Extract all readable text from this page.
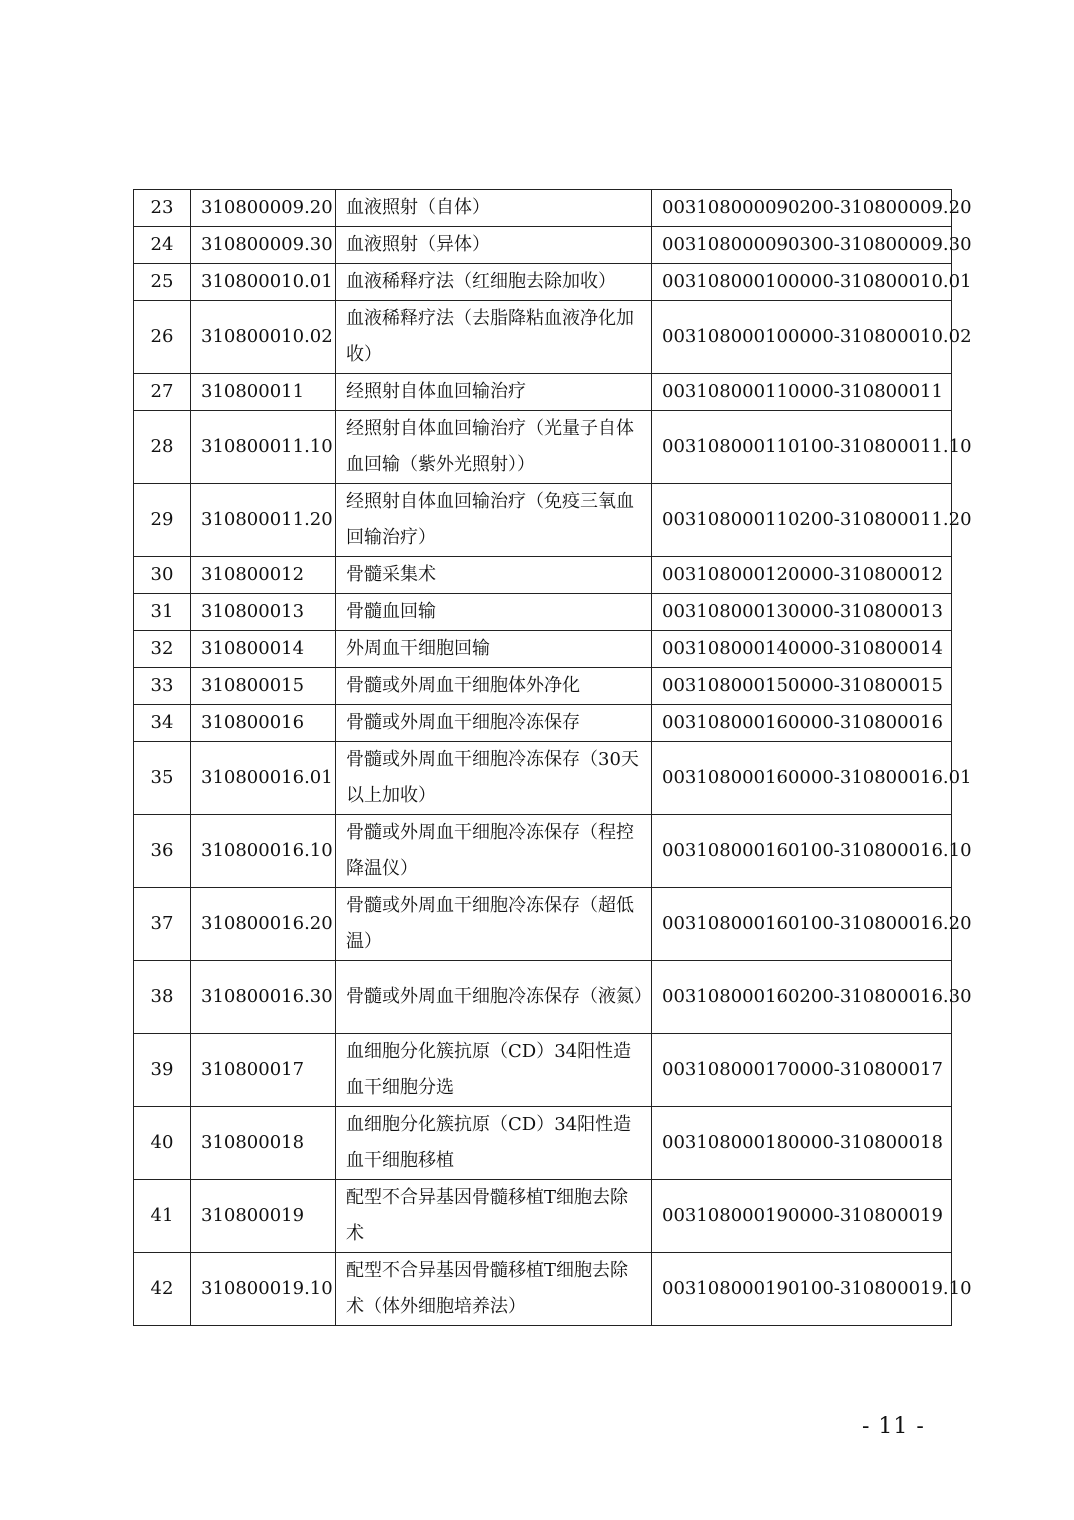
23	310800009.20	血液照射（自体）	003108000090200-310800009.20
24	310800009.30	血液照射（异体）	003108000090300-310800009.30
25	310800010.01	血液稀释疗法（红细胞去除加收）	003108000100000-310800010.01
26	310800010.02	血液稀释疗法（去脂降粘血液净化加收）	003108000100000-310800010.02
27	310800011	经照射自体血回输治疗	003108000110000-310800011
28	310800011.10	经照射自体血回输治疗（光量子自体血回输（紫外光照射））	003108000110100-310800011.10
29	310800011.20	经照射自体血回输治疗（免疫三氧血回输治疗）	003108000110200-310800011.20
30	310800012	骨髓采集术	003108000120000-310800012
31	310800013	骨髓血回输	003108000130000-310800013
32	310800014	外周血干细胞回输	003108000140000-310800014
33	310800015	骨髓或外周血干细胞体外净化	003108000150000-310800015
34	310800016	骨髓或外周血干细胞冷冻保存	003108000160000-310800016
35	310800016.01	骨髓或外周血干细胞冷冻保存（30天以上加收）	003108000160000-310800016.01
36	310800016.10	骨髓或外周血干细胞冷冻保存（程控降温仪）	003108000160100-310800016.10
37	310800016.20	骨髓或外周血干细胞冷冻保存（超低温）	003108000160100-310800016.20
38	310800016.30	骨髓或外周血干细胞冷冻保存（液氮）	003108000160200-310800016.30
39	310800017	血细胞分化簇抗原（CD）34阳性造血干细胞分选	003108000170000-310800017
40	310800018	血细胞分化簇抗原（CD）34阳性造血干细胞移植	003108000180000-310800018
41	310800019	配型不合异基因骨髓移植T细胞去除术	003108000190000-310800019
42	310800019.10	配型不合异基因骨髓移植T细胞去除术（体外细胞培养法）	003108000190100-310800019.10
- 11 -
